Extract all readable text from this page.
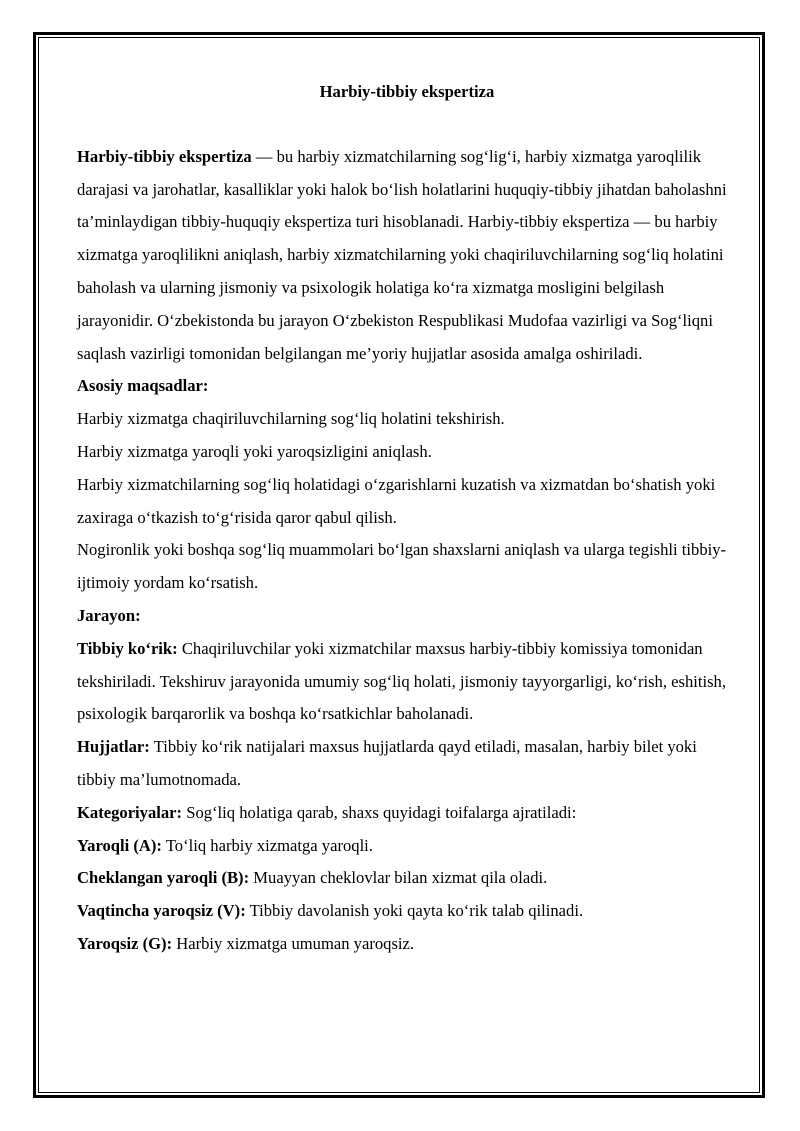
Harbiy-tibbiy ekspertiza

Harbiy-tibbiy ekspertiza — bu harbiy xizmatchilarning sog‘lig‘i, harbiy xizmatga yaroqlilik darajasi va jarohatlar, kasalliklar yoki halok bo‘lish holatlarini huquqiy-tibbiy jihatdan baholashni ta’minlaydigan tibbiy-huquqiy ekspertiza turi hisoblanadi. Harbiy-tibbiy ekspertiza — bu harbiy xizmatga yaroqlilikni aniqlash, harbiy xizmatchilarning yoki chaqiriluvchilarning sog‘liq holatini baholash va ularning jismoniy va psixologik holatiga ko‘ra xizmatga mosligini belgilash jarayonidir. O‘zbekistonda bu jarayon O‘zbekiston Respublikasi Mudofaa vazirligi va Sog‘liqni saqlash vazirligi tomonidan belgilangan me’yoriy hujjatlar asosida amalga oshiriladi.

Asosiy maqsadlar:

Harbiy xizmatga chaqiriluvchilarning sog‘liq holatini tekshirish.

Harbiy xizmatga yaroqli yoki yaroqsizligini aniqlash.

Harbiy xizmatchilarning sog‘liq holatidagi o‘zgarishlarni kuzatish va xizmatdan bo‘shatish yoki zaxiraga o‘tkazish to‘g‘risida qaror qabul qilish.

Nogironlik yoki boshqa sog‘liq muammolari bo‘lgan shaxslarni aniqlash va ularga tegishli tibbiy-ijtimoiy yordam ko‘rsatish.

Jarayon:

Tibbiy ko‘rik: Chaqiriluvchilar yoki xizmatchilar maxsus harbiy-tibbiy komissiya tomonidan tekshiriladi. Tekshiruv jarayonida umumiy sog‘liq holati, jismoniy tayyorgarligi, ko‘rish, eshitish, psixologik barqarorlik va boshqa ko‘rsatkichlar baholanadi.

Hujjatlar: Tibbiy ko‘rik natijalari maxsus hujjatlarda qayd etiladi, masalan, harbiy bilet yoki tibbiy ma’lumotnomada.

Kategoriyalar: Sog‘liq holatiga qarab, shaxs quyidagi toifalarga ajratiladi:

Yaroqli (A): To‘liq harbiy xizmatga yaroqli.

Cheklangan yaroqli (B): Muayyan cheklovlar bilan xizmat qila oladi.

Vaqtincha yaroqsiz (V): Tibbiy davolanish yoki qayta ko‘rik talab qilinadi.

Yaroqsiz (G): Harbiy xizmatga umuman yaroqsiz.
